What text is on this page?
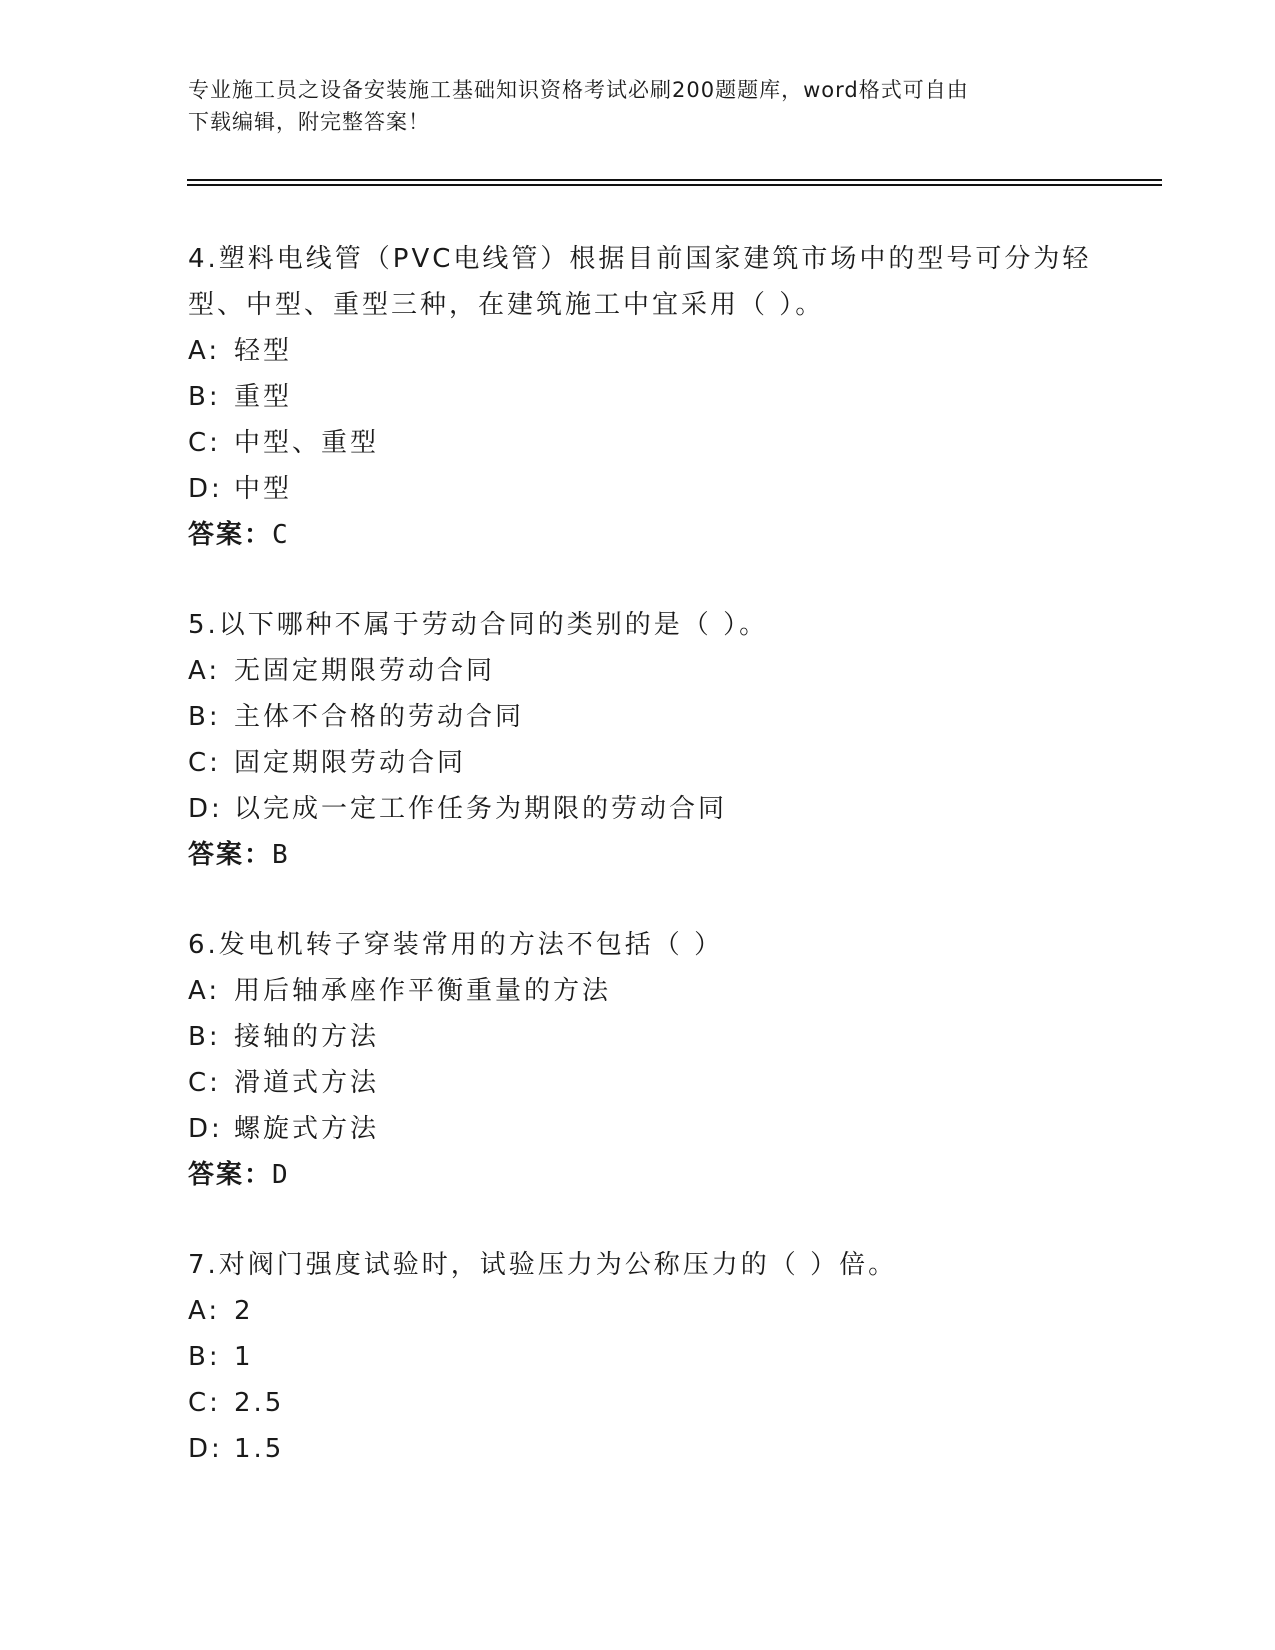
专业施工员之设备安装施工基础知识资格考试必刷200题题库，word格式可自由
下载编辑，附完整答案！

4.塑料电线管（PVC电线管）根据目前国家建筑市场中的型号可分为轻型、中型、重型三种，在建筑施工中宜采用（ ）。

A: 轻型

B: 重型

C: 中型、重型

D: 中型

答案：C

5.以下哪种不属于劳动合同的类别的是（ ）。

A: 无固定期限劳动合同

B: 主体不合格的劳动合同

C: 固定期限劳动合同

D: 以完成一定工作任务为期限的劳动合同

答案：B

6.发电机转子穿装常用的方法不包括（ ）

A: 用后轴承座作平衡重量的方法

B: 接轴的方法

C: 滑道式方法

D: 螺旋式方法

答案：D

7.对阀门强度试验时，试验压力为公称压力的（ ）倍。

A: 2

B: 1

C: 2.5

D: 1.5
